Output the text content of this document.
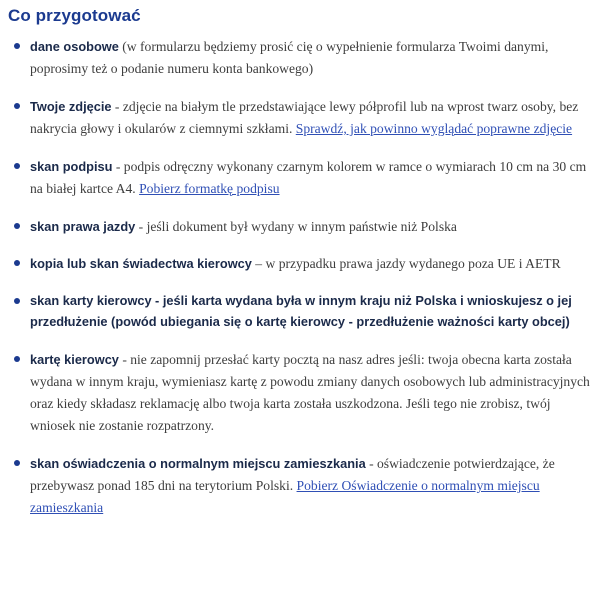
Co przygotować
dane osobowe (w formularzu będziemy prosić cię o wypełnienie formularza Twoimi danymi, poprosimy też o podanie numeru konta bankowego)
Twoje zdjęcie - zdjęcie na białym tle przedstawiające lewy półprofil lub na wprost twarz osoby, bez nakrycia głowy i okularów z ciemnymi szkłami. Sprawdź, jak powinno wyglądać poprawne zdjęcie
skan podpisu - podpis odręczny wykonany czarnym kolorem w ramce o wymiarach 10 cm na 30 cm na białej kartce A4. Pobierz formatkę podpisu
skan prawa jazdy - jeśli dokument był wydany w innym państwie niż Polska
kopia lub skan świadectwa kierowcy – w przypadku prawa jazdy wydanego poza UE i AETR
skan karty kierowcy - jeśli karta wydana była w innym kraju niż Polska i wnioskujesz o jej przedłużenie (powód ubiegania się o kartę kierowcy - przedłużenie ważności karty obcej)
kartę kierowcy - nie zapomnij przesłać karty pocztą na nasz adres jeśli: twoja obecna karta została wydana w innym kraju, wymieniasz kartę z powodu zmiany danych osobowych lub administracyjnych oraz kiedy składasz reklamację albo twoja karta została uszkodzona. Jeśli tego nie zrobisz, twój wniosek nie zostanie rozpatrzony.
skan oświadczenia o normalnym miejscu zamieszkania - oświadczenie potwierdzające, że przebywasz ponad 185 dni na terytorium Polski. Pobierz Oświadczenie o normalnym miejscu zamieszkania
